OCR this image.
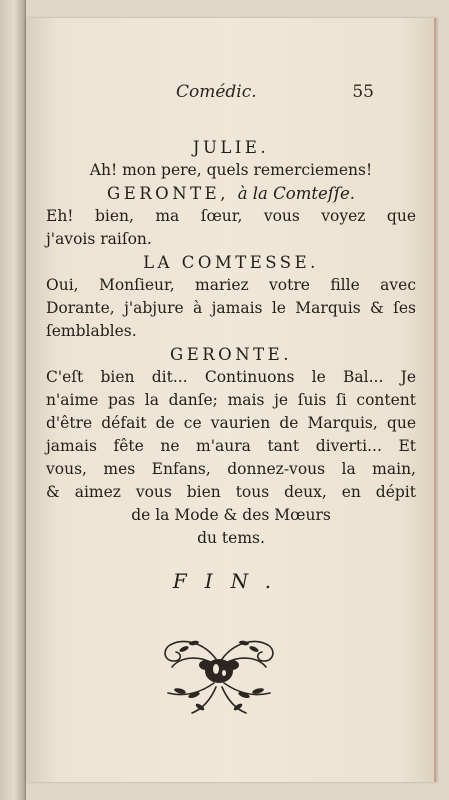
Comédic.	55
JULIE.
Ah! mon pere, quels remerciemens!
GERONTE, à la Comteſſe.
Eh! bien, ma ſœur, vous voyez que
j'avois raiſon.
LA COMTESSE.
Oui, Monſieur, mariez votre fille avec
Dorante, j'abjure à jamais le Marquis & ſes
ſemblables.
GERONTE.
C'eſt bien dit... Continuons le Bal... Je
n'aime pas la danſe; mais je ſuis ſi content
d'être défait de ce vaurien de Marquis, que
jamais fête ne m'aura tant diverti... Et
vous, mes Enfans, donnez-vous la main,
& aimez vous bien tous deux, en dépit
de la Mode & des Mœurs
du tems.
FIN.
